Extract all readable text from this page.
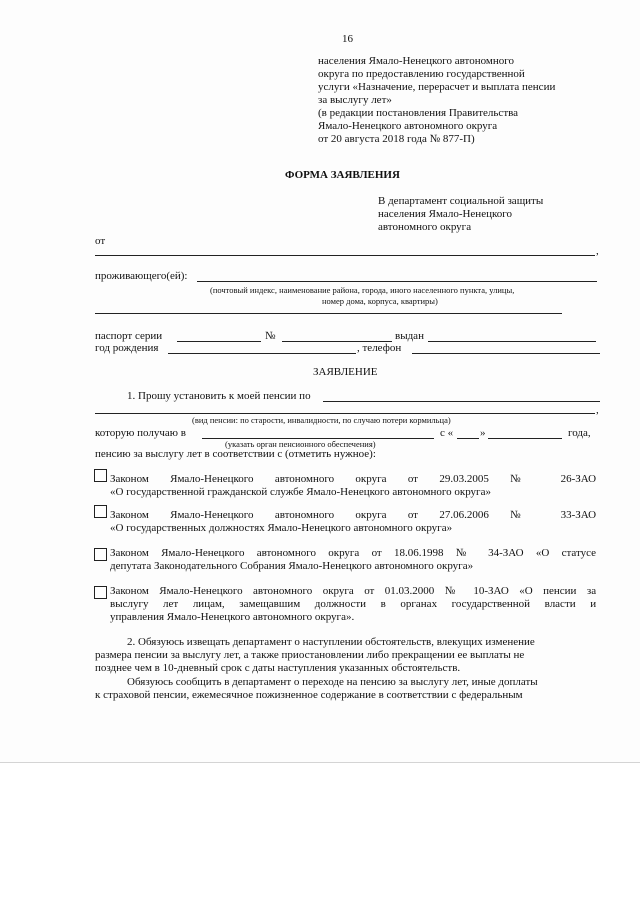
16
населения Ямало-Ненецкого автономного
округа по предоставлению государственной
услуги «Назначение, перерасчет и выплата пенсии
за выслугу лет»
(в редакции постановления Правительства
Ямало-Ненецкого автономного округа
от 20 августа 2018 года № 877-П)
ФОРМА ЗАЯВЛЕНИЯ
В департамент социальной защиты
населения Ямало-Ненецкого
автономного округа
от
,
проживающего(ей):
(почтовый индекс, наименование района, города, иного населенного пункта, улицы,
номер дома, корпуса, квартиры)
паспорт серии	№	выдан
год рождения	, телефон
ЗАЯВЛЕНИЕ
1. Прошу установить к моей пенсии по
,
(вид пенсии: по старости, инвалидности, по случаю потери кормильца)
которую получаю в	с « »	года,
(указать орган пенсионного обеспечения)
пенсию за выслугу лет в соответствии с (отметить нужное):
Законом Ямало-Ненецкого автономного округа от 29.03.2005 № 26-ЗАО
«О государственной гражданской службе Ямало-Ненецкого автономного округа»
Законом Ямало-Ненецкого автономного округа от 27.06.2006 № 33-ЗАО
«О государственных должностях Ямало-Ненецкого автономного округа»
Законом Ямало-Ненецкого автономного округа от 18.06.1998 № 34-ЗАО «О статусе
депутата Законодательного Собрания Ямало-Ненецкого автономного округа»
Законом Ямало-Ненецкого автономного округа от 01.03.2000 № 10-ЗАО «О пенсии за
выслугу лет лицам, замещавшим должности в органах государственной власти и
управления Ямало-Ненецкого автономного округа».
2. Обязуюсь извещать департамент о наступлении обстоятельств, влекущих изменение
размера пенсии за выслугу лет, а также приостановлении либо прекращении ее выплаты не
позднее чем в 10-дневный срок с даты наступления указанных обстоятельств.
Обязуюсь сообщить в департамент о переходе на пенсию за выслугу лет, иные доплаты
к страховой пенсии, ежемесячное пожизненное содержание в соответствии с федеральным
